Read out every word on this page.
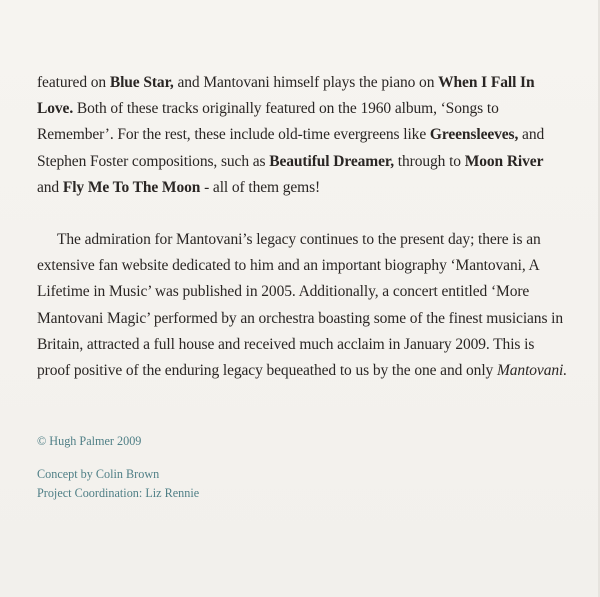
featured on Blue Star, and Mantovani himself plays the piano on When I Fall In Love. Both of these tracks originally featured on the 1960 album, ‘Songs to Remember’. For the rest, these include old-time evergreens like Greensleeves, and Stephen Foster compositions, such as Beautiful Dreamer, through to Moon River and Fly Me To The Moon - all of them gems!

The admiration for Mantovani’s legacy continues to the present day; there is an extensive fan website dedicated to him and an important biography ‘Mantovani, A Lifetime in Music’ was published in 2005. Additionally, a concert entitled ‘More Mantovani Magic’ performed by an orchestra boasting some of the finest musicians in Britain, attracted a full house and received much acclaim in January 2009. This is proof positive of the enduring legacy bequeathed to us by the one and only Mantovani.

© Hugh Palmer 2009
Concept by Colin Brown
Project Coordination: Liz Rennie
